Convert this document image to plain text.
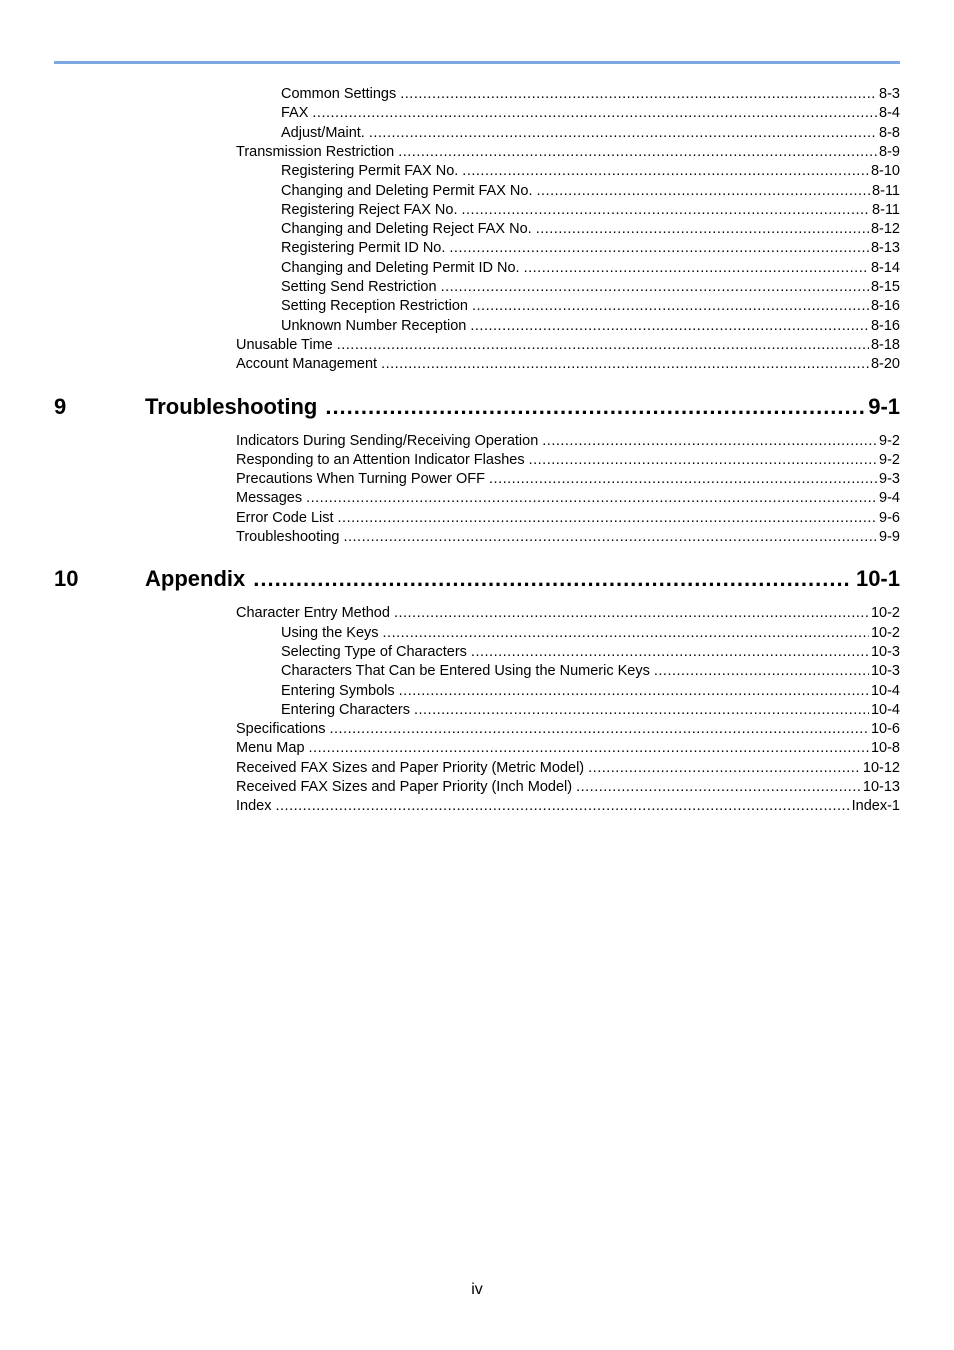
Common Settings .....	8-3
FAX .....	8-4
Adjust/Maint. .....	8-8
Transmission Restriction .....	8-9
Registering Permit FAX No. .....	8-10
Changing and Deleting Permit FAX No. .....	8-11
Registering Reject FAX No. .....	8-11
Changing and Deleting Reject FAX No. .....	8-12
Registering Permit ID No. .....	8-13
Changing and Deleting Permit ID No. .....	8-14
Setting Send Restriction .....	8-15
Setting Reception Restriction .....	8-16
Unknown Number Reception .....	8-16
Unusable Time .....	8-18
Account Management .....	8-20
9	Troubleshooting .....	9-1
Indicators During Sending/Receiving Operation .....	9-2
Responding to an Attention Indicator Flashes .....	9-2
Precautions When Turning Power OFF .....	9-3
Messages .....	9-4
Error Code List .....	9-6
Troubleshooting .....	9-9
10	Appendix .....	10-1
Character Entry Method .....	10-2
Using the Keys .....	10-2
Selecting Type of Characters .....	10-3
Characters That Can be Entered Using the Numeric Keys .....	10-3
Entering Symbols .....	10-4
Entering Characters .....	10-4
Specifications .....	10-6
Menu Map .....	10-8
Received FAX Sizes and Paper Priority (Metric Model) .....	10-12
Received FAX Sizes and Paper Priority (Inch Model) .....	10-13
Index .....	Index-1
iv
